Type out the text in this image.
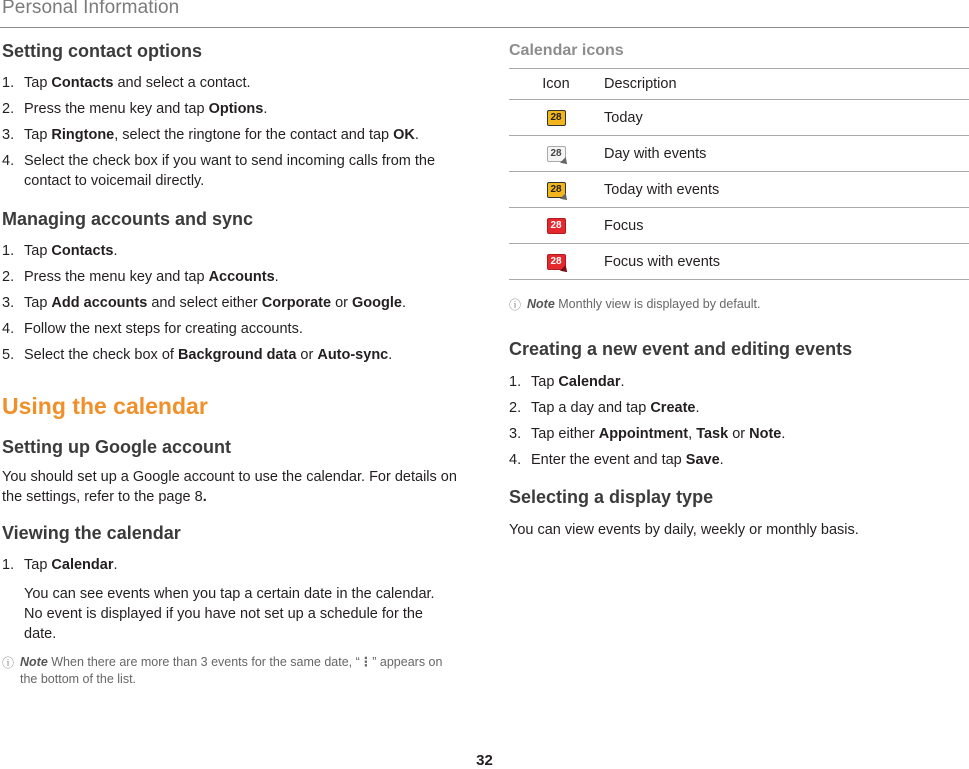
Personal Information
Setting contact options
1. Tap Contacts and select a contact.
2. Press the menu key and tap Options.
3. Tap Ringtone, select the ringtone for the contact and tap OK.
4. Select the check box if you want to send incoming calls from the contact to voicemail directly.
Managing accounts and sync
1. Tap Contacts.
2. Press the menu key and tap Accounts.
3. Tap Add accounts and select either Corporate or Google.
4. Follow the next steps for creating accounts.
5. Select the check box of Background data or Auto-sync.
Using the calendar
Setting up Google account

You should set up a Google account to use the calendar. For details on the settings, refer to the page 8.

Viewing the calendar
1. Tap Calendar.
You can see events when you tap a certain date in the calendar. No event is displayed if you have not set up a schedule for the date.
ⓘ Note When there are more than 3 events for the same date, “⋮” appears on the bottom of the list.
Calendar icons
Icon	Description
28	Today
28	Day with events
28	Today with events
28	Focus
28	Focus with events
ⓘ Note Monthly view is displayed by default.
Creating a new event and editing events
1. Tap Calendar.
2. Tap a day and tap Create.
3. Tap either Appointment, Task or Note.
4. Enter the event and tap Save.
Selecting a display type

You can view events by daily, weekly or monthly basis.

32
